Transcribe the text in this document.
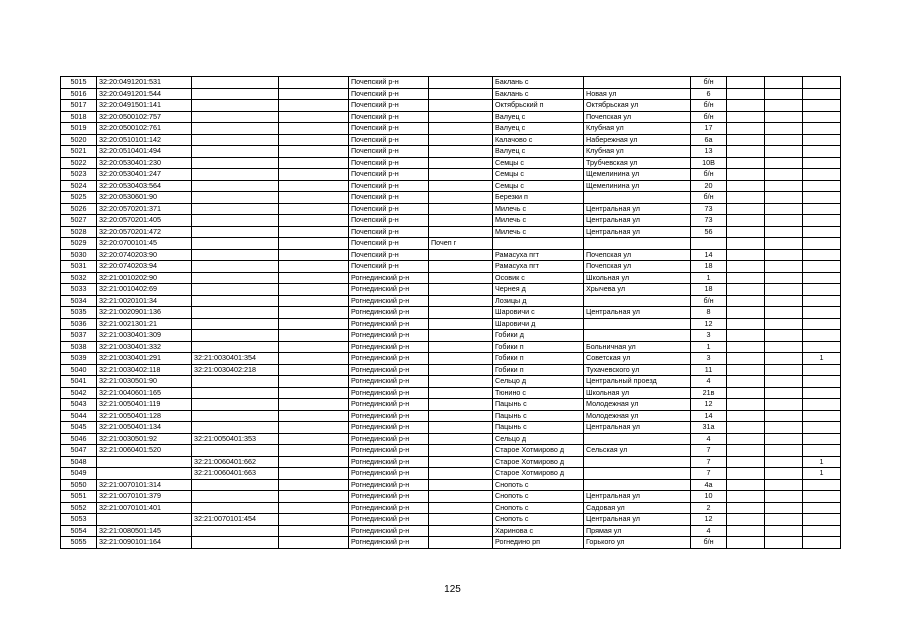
5015	32:20:0491201:531			Почепский р-н		Баклань с		б/н			
5016	32:20:0491201:544			Почепский р-н		Баклань с	Новая ул	6			
5017	32:20:0491501:141			Почепский р-н		Октябрьский п	Октябрьская ул	б/н			
5018	32:20:0500102:757			Почепский р-н		Валуец с	Почепская ул	б/н			
5019	32:20:0500102:761			Почепский р-н		Валуец с	Клубная ул	17			
5020	32:20:0510101:142			Почепский р-н		Калачово с	Набережная ул	6а			
5021	32:20:0510401:494			Почепский р-н		Валуец с	Клубная ул	13			
5022	32:20:0530401:230			Почепский р-н		Семцы с	Трубчевская ул	10В			
5023	32:20:0530401:247			Почепский р-н		Семцы с	Щемелинина ул	б/н			
5024	32:20:0530403:564			Почепский р-н		Семцы с	Щемелинина ул	20			
5025	32:20:0530601:90			Почепский р-н		Березки п		б/н			
5026	32:20:0570201:371			Почепский р-н		Милечь с	Центральная ул	73			
5027	32:20:0570201:405			Почепский р-н		Милечь с	Центральная ул	73			
5028	32:20:0570201:472			Почепский р-н		Милечь с	Центральная ул	56			
5029	32:20:0700101:45			Почепский р-н	Почеп г						
5030	32:20:0740203:90			Почепский р-н		Рамасуха пгт	Почепская ул	14			
5031	32:20:0740203:94			Почепский р-н		Рамасуха пгт	Почепская ул	18			
5032	32:21:0010202:90			Рогнединский р-н		Осовик с	Школьная ул	1			
5033	32:21:0010402:69			Рогнединский р-н		Чернея д	Хрычева ул	18			
5034	32:21:0020101:34			Рогнединский р-н		Лозицы д		б/н			
5035	32:21:0020901:136			Рогнединский р-н		Шаровичи с	Центральная ул	8			
5036	32:21:0021301:21			Рогнединский р-н		Шаровичи д		12			
5037	32:21:0030401:309			Рогнединский р-н		Гобики д		3			
5038	32:21:0030401:332			Рогнединский р-н		Гобики п	Больничная ул	1			
5039	32:21:0030401:291	32:21:0030401:354		Рогнединский р-н		Гобики п	Советская ул	3			1
5040	32:21:0030402:118	32:21:0030402:218		Рогнединский р-н		Гобики п	Тухачевского ул	11			
5041	32:21:0030501:90			Рогнединский р-н		Сельцо д	Центральный проезд	4			
5042	32:21:0040601:165			Рогнединский р-н		Тюнино с	Школьная ул	21в			
5043	32:21:0050401:119			Рогнединский р-н		Пацынь с	Молодежная ул	12			
5044	32:21:0050401:128			Рогнединский р-н		Пацынь с	Молодежная ул	14			
5045	32:21:0050401:134			Рогнединский р-н		Пацынь с	Центральная ул	31а			
5046	32:21:0030501:92	32:21:0050401:353		Рогнединский р-н		Сельцо д		4			
5047	32:21:0060401:520			Рогнединский р-н		Старое Хотмирово д	Сельская ул	7			
5048		32:21:0060401:662		Рогнединский р-н		Старое Хотмирово д		7			1
5049		32:21:0060401:663		Рогнединский р-н		Старое Хотмирово д		7			1
5050	32:21:0070101:314			Рогнединский р-н		Снопоть с		4а			
5051	32:21:0070101:379			Рогнединский р-н		Снопоть с	Центральная ул	10			
5052	32:21:0070101:401			Рогнединский р-н		Снопоть с	Садовая ул	2			
5053		32:21:0070101:454		Рогнединский р-н		Снопоть с	Центральная ул	12			
5054	32:21:0080501:145			Рогнединский р-н		Харинова с	Прямая ул	4			
5055	32:21:0090101:164			Рогнединский р-н		Рогнедино рп	Горького ул	б/н			
125
